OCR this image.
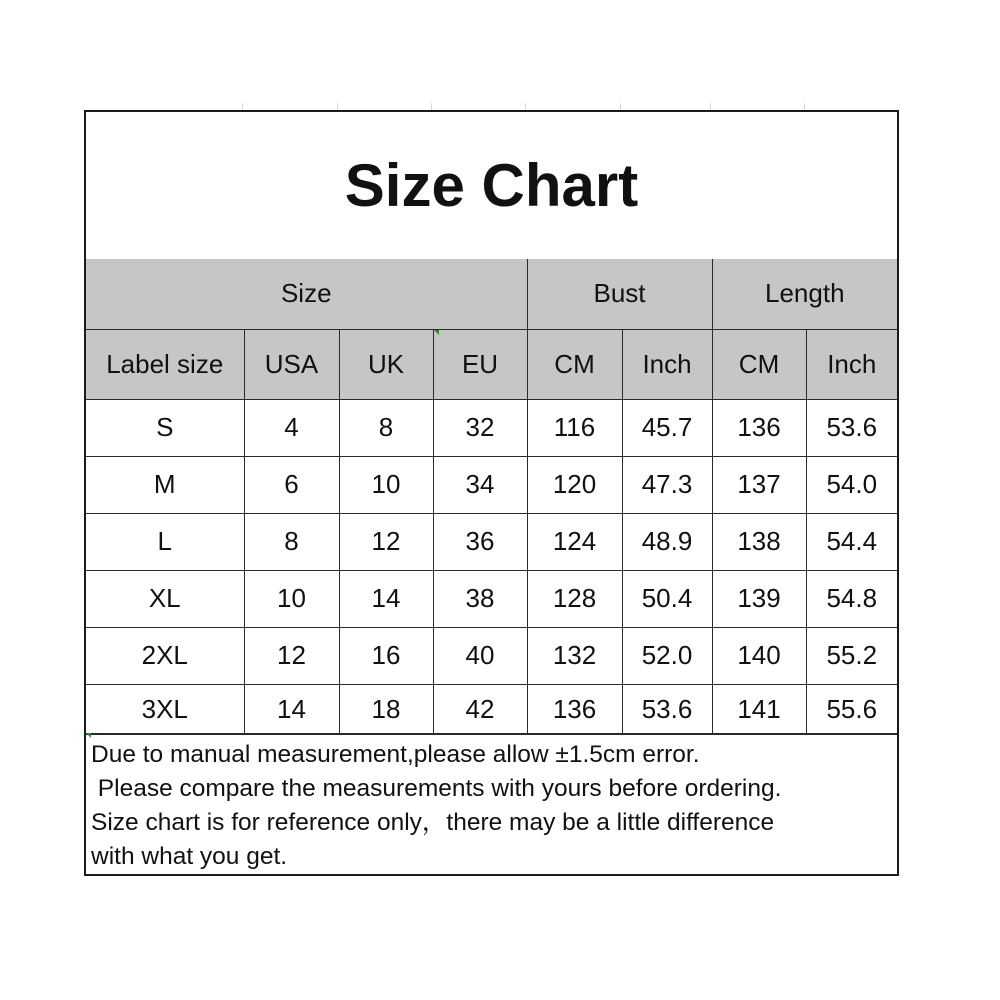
Size Chart
Size				Bust		Length	
Label size	USA	UK	EU	CM	Inch	CM	Inch
S	4	8	32	116	45.7	136	53.6
M	6	10	34	120	47.3	137	54.0
L	8	12	36	124	48.9	138	54.4
XL	10	14	38	128	50.4	139	54.8
2XL	12	16	40	132	52.0	140	55.2
3XL	14	18	42	136	53.6	141	55.6
Due to manual measurement,please allow ±1.5cm error.
Please compare the measurements with yours before ordering.
Size chart is for reference only，there may be a little difference
with what you get.
